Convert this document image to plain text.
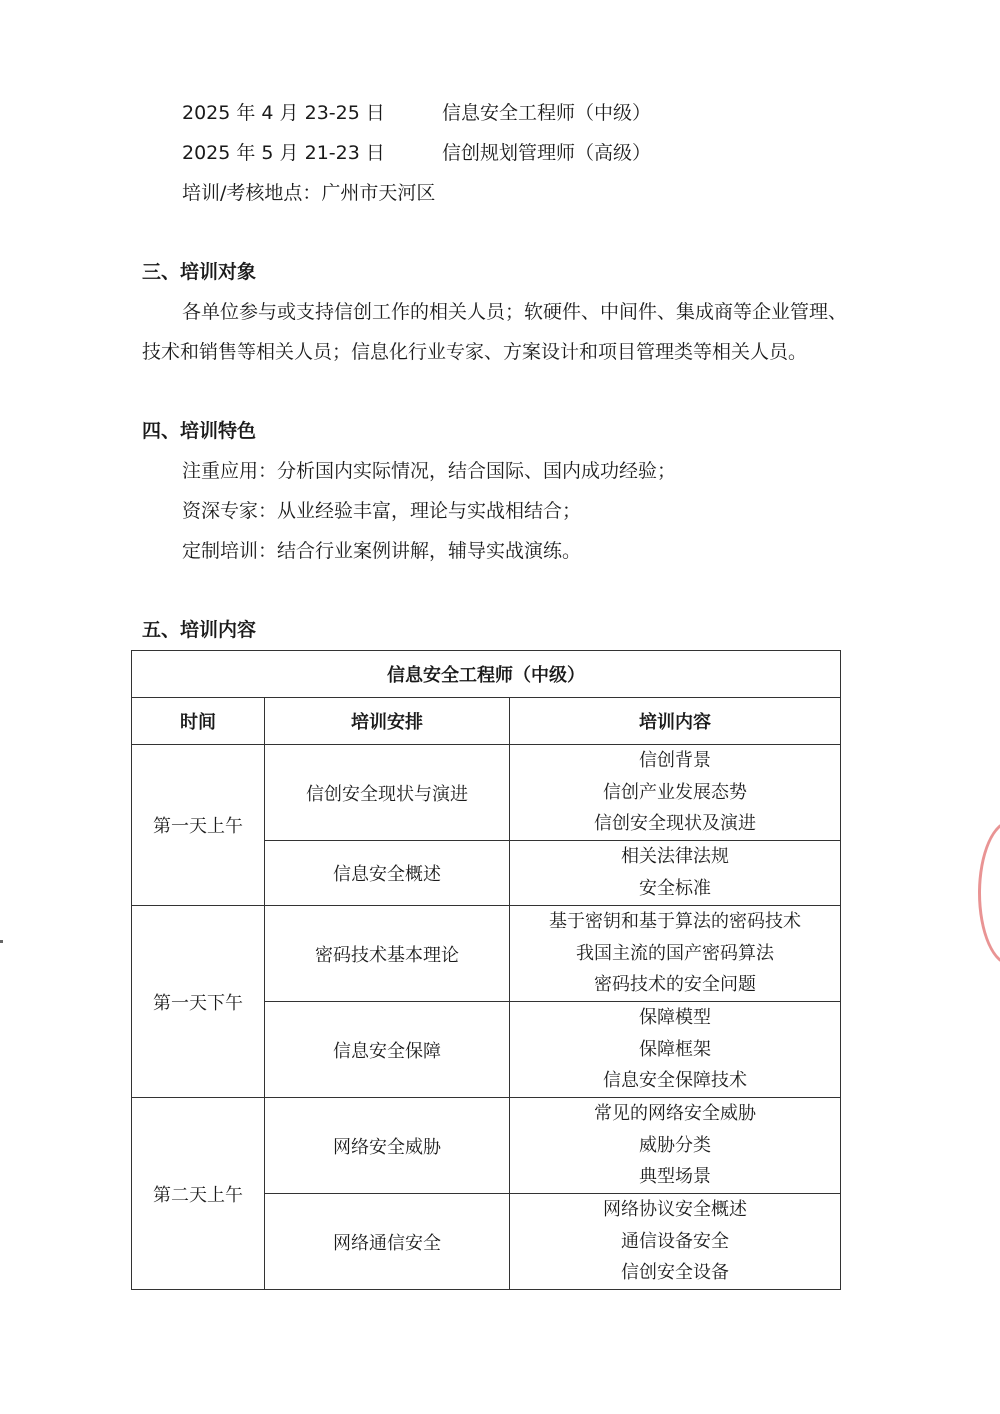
2025 年 4 月 23-25 日	信息安全工程师（中级）
2025 年 5 月 21-23 日	信创规划管理师（高级）
培训/考核地点：广州市天河区
三、培训对象
各单位参与或支持信创工作的相关人员；软硬件、中间件、集成商等企业管理、
技术和销售等相关人员；信息化行业专家、方案设计和项目管理类等相关人员。
四、培训特色
注重应用：分析国内实际情况，结合国际、国内成功经验；
资深专家：从业经验丰富，理论与实战相结合；
定制培训：结合行业案例讲解，辅导实战演练。
五、培训内容
信息安全工程师（中级）		
时间	培训安排	培训内容
第一天上午	信创安全现状与演进	信创背景
信创产业发展态势
信创安全现状及演进

	信息安全概述	相关法律法规
安全标准

第一天下午	密码技术基本理论	基于密钥和基于算法的密码技术
我国主流的国产密码算法
密码技术的安全问题

	信息安全保障	保障模型
保障框架
信息安全保障技术

第二天上午	网络安全威胁	常见的网络安全威胁
威胁分类
典型场景

	网络通信安全	网络协议安全概述
通信设备安全
信创安全设备
